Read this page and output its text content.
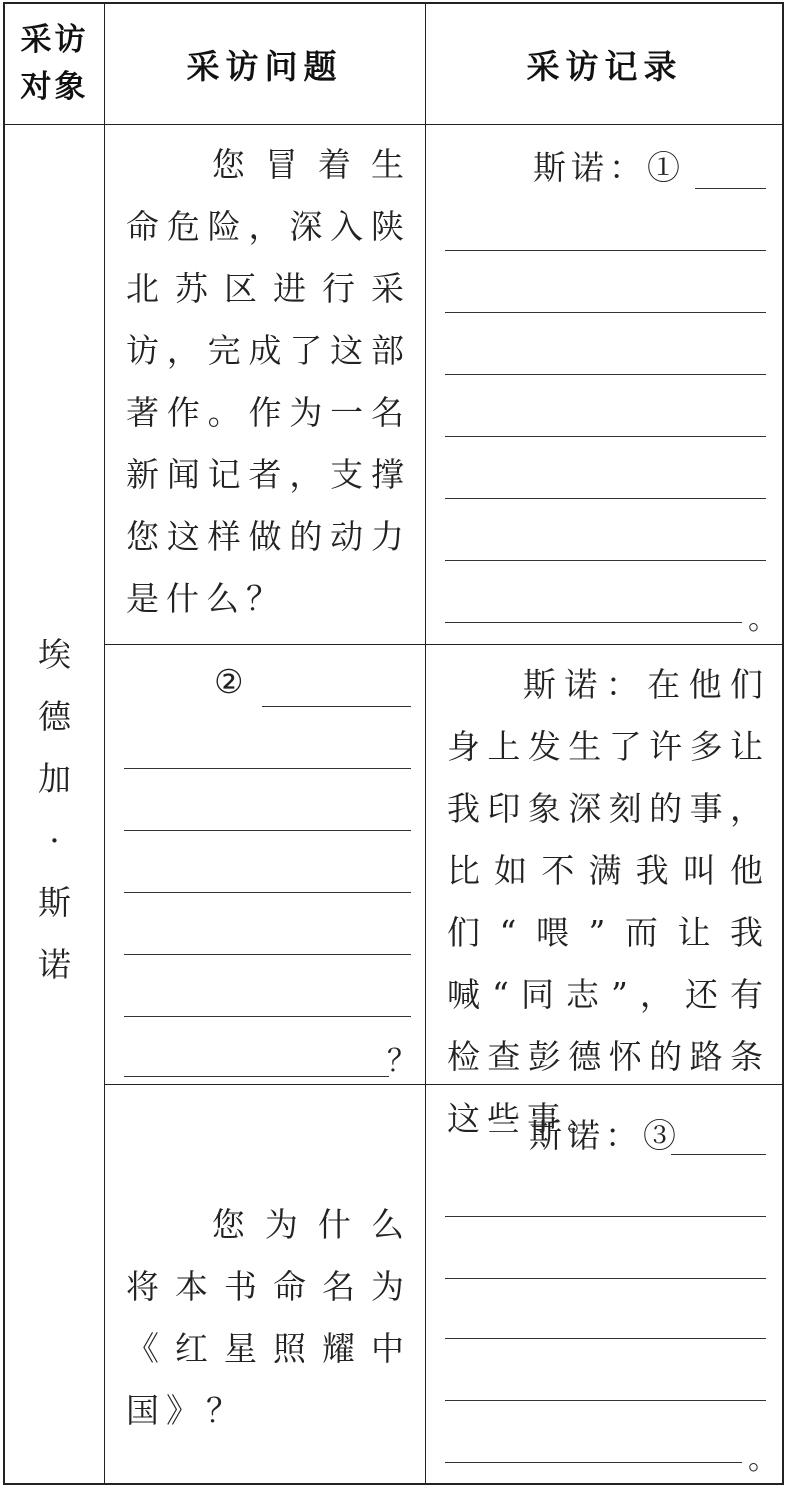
采访对象
采访问题	采访记录
埃
德
加
·
斯
诺
您冒着生命危险，深入陕北苏区进行采访，完成了这部著作。作为一名新闻记者，支撑您这样做的动力是什么？
斯诺：①
。
②
？
斯诺：在他们身上发生了许多让我印象深刻的事，比如不满我叫他们“喂”而让我喊“同志”，还有检查彭德怀的路条这些事。
您为什么将本书命名为《红星照耀中国》？
斯诺：③
。
